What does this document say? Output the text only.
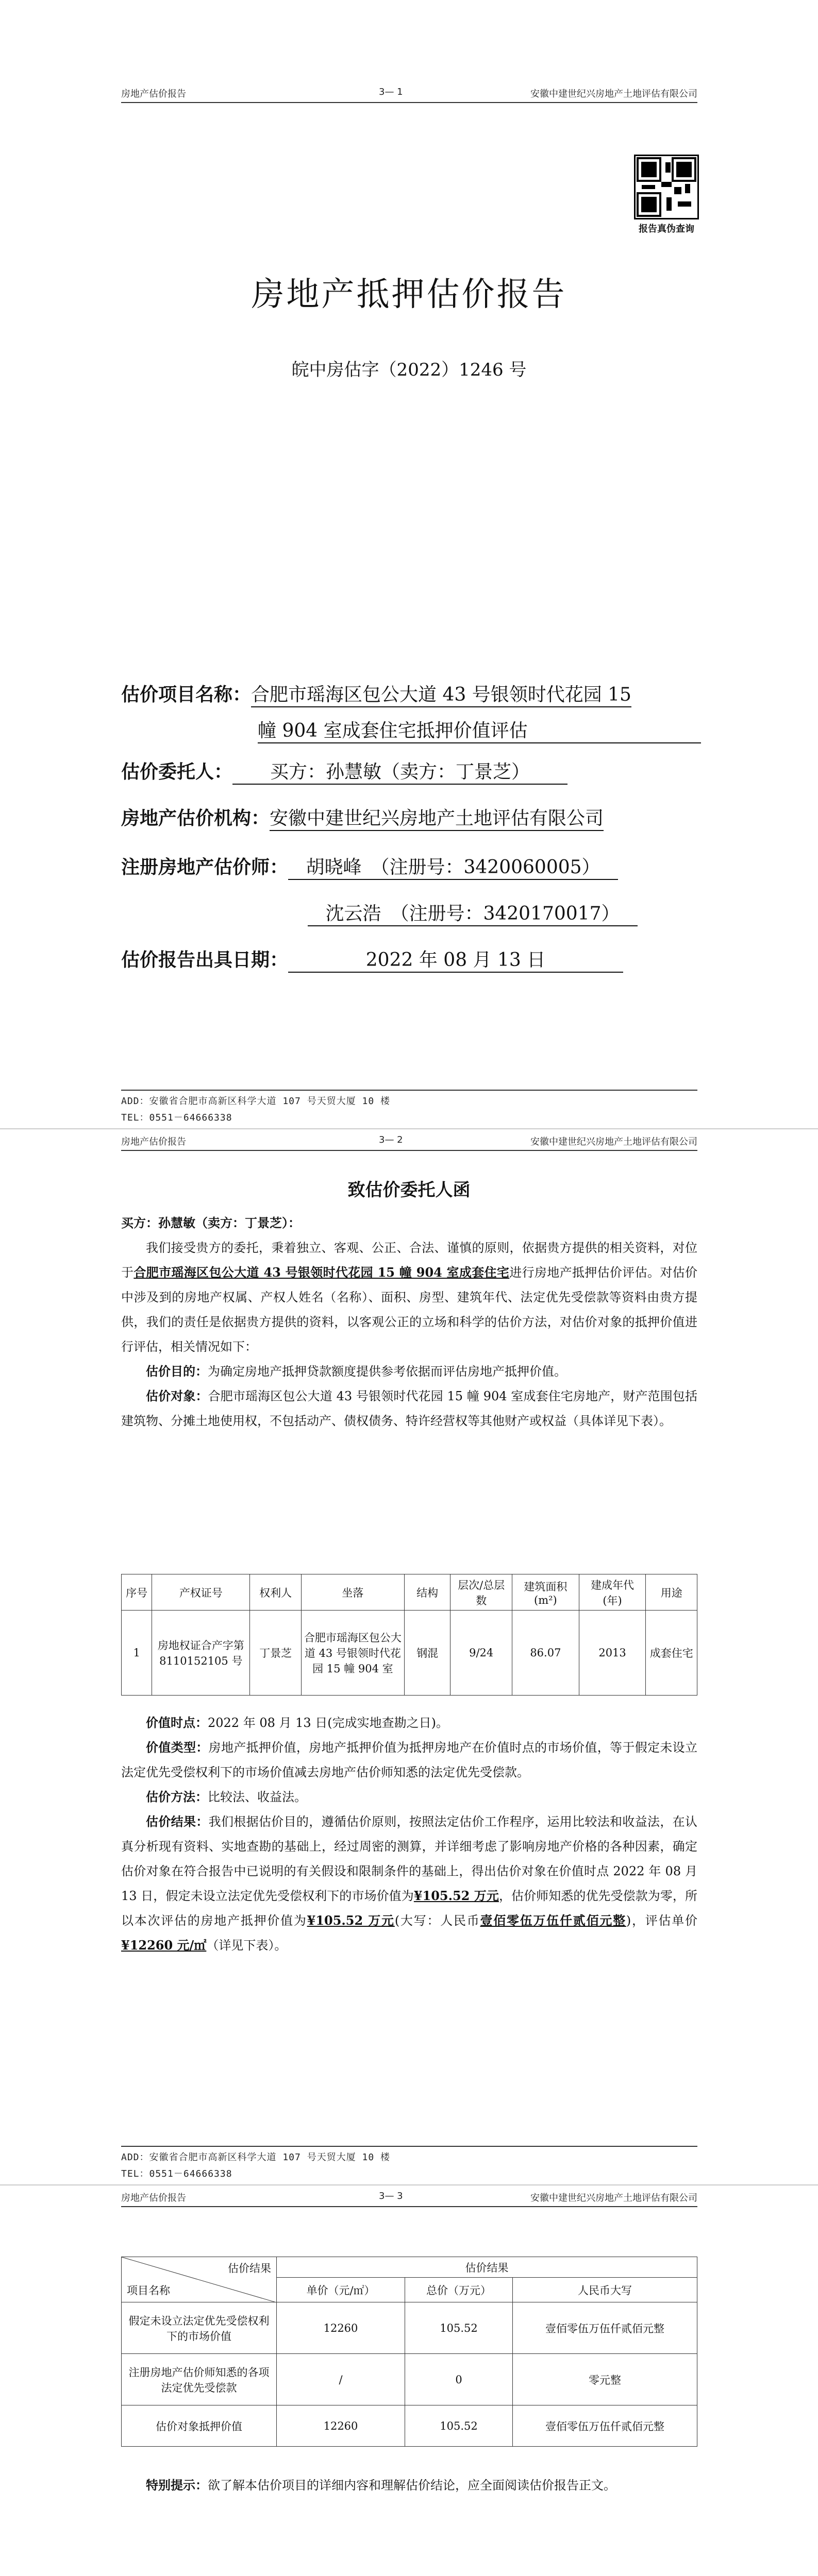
房地产估价报告	3— 1	安徽中建世纪兴房地产土地评估有限公司
报告真伪查询
房地产抵押估价报告
皖中房估字（2022）1246 号
估价项目名称：合肥市瑶海区包公大道 43 号银领时代花园 15
幢 904 室成套住宅抵押价值评估
估价委托人： 买方：孙慧敏（卖方：丁景芝）
房地产估价机构：安徽中建世纪兴房地产土地评估有限公司
注册房地产估价师： 胡晓峰　（注册号：3420060005）
沈云浩　（注册号：3420170017）
估价报告出具日期：	2022 年 08 月 13 日
ADD：安徽省合肥市高新区科学大道 107 号天贸大厦 10 楼
TEL：0551－64666338
房地产估价报告	3— 2	安徽中建世纪兴房地产土地评估有限公司
致估价委托人函
买方：孙慧敏（卖方：丁景芝）：

我们接受贵方的委托，秉着独立、客观、公正、合法、谨慎的原则，依据贵方提供的相关资料，对位于合肥市瑶海区包公大道 43 号银领时代花园 15 幢 904 室成套住宅进行房地产抵押估价评估。对估价中涉及到的房地产权属、产权人姓名（名称）、面积、房型、建筑年代、法定优先受偿款等资料由贵方提供，我们的责任是依据贵方提供的资料，以客观公正的立场和科学的估价方法，对估价对象的抵押价值进行评估，相关情况如下：

估价目的：为确定房地产抵押贷款额度提供参考依据而评估房地产抵押价值。

估价对象：合肥市瑶海区包公大道 43 号银领时代花园 15 幢 904 室成套住宅房地产，财产范围包括建筑物、分摊土地使用权，不包括动产、债权债务、特许经营权等其他财产或权益（具体详见下表）。

序号	产权证号	权利人	坐落	结构	层次/总层数	建筑面积(m²)	建成年代(年)	用途
1	房地权证合产字第 8110152105 号	丁景芝	合肥市瑶海区包公大道 43 号银领时代花园 15 幢 904 室	钢混	9/24	86.07	2013	成套住宅

价值时点：2022 年 08 月 13 日(完成实地查勘之日)。

价值类型：房地产抵押价值，房地产抵押价值为抵押房地产在价值时点的市场价值，等于假定未设立法定优先受偿权利下的市场价值减去房地产估价师知悉的法定优先受偿款。

估价方法：比较法、收益法。

估价结果：我们根据估价目的，遵循估价原则，按照法定估价工作程序，运用比较法和收益法，在认真分析现有资料、实地查勘的基础上，经过周密的测算，并详细考虑了影响房地产价格的各种因素，确定估价对象在符合报告中已说明的有关假设和限制条件的基础上，得出估价对象在价值时点 2022 年 08 月 13 日，假定未设立法定优先受偿权利下的市场价值为¥105.52 万元，估价师知悉的优先受偿款为零，所以本次评估的房地产抵押价值为¥105.52 万元(大写：人民币壹佰零伍万伍仟贰佰元整)，评估单价¥12260 元/㎡（详见下表）。

ADD：安徽省合肥市高新区科学大道 107 号天贸大厦 10 楼
TEL：0551－64666338
房地产估价报告	3— 3	安徽中建世纪兴房地产土地评估有限公司
估价结果
项目名称	估价结果		
	单价（元/㎡）	总价（万元）	人民币大写
假定未设立法定优先受偿权利下的市场价值	12260	105.52	壹佰零伍万伍仟贰佰元整
注册房地产估价师知悉的各项法定优先受偿款	/	0	零元整
估价对象抵押价值	12260	105.52	壹佰零伍万伍仟贰佰元整

特别提示：欲了解本估价项目的详细内容和理解估价结论，应全面阅读估价报告正文。
